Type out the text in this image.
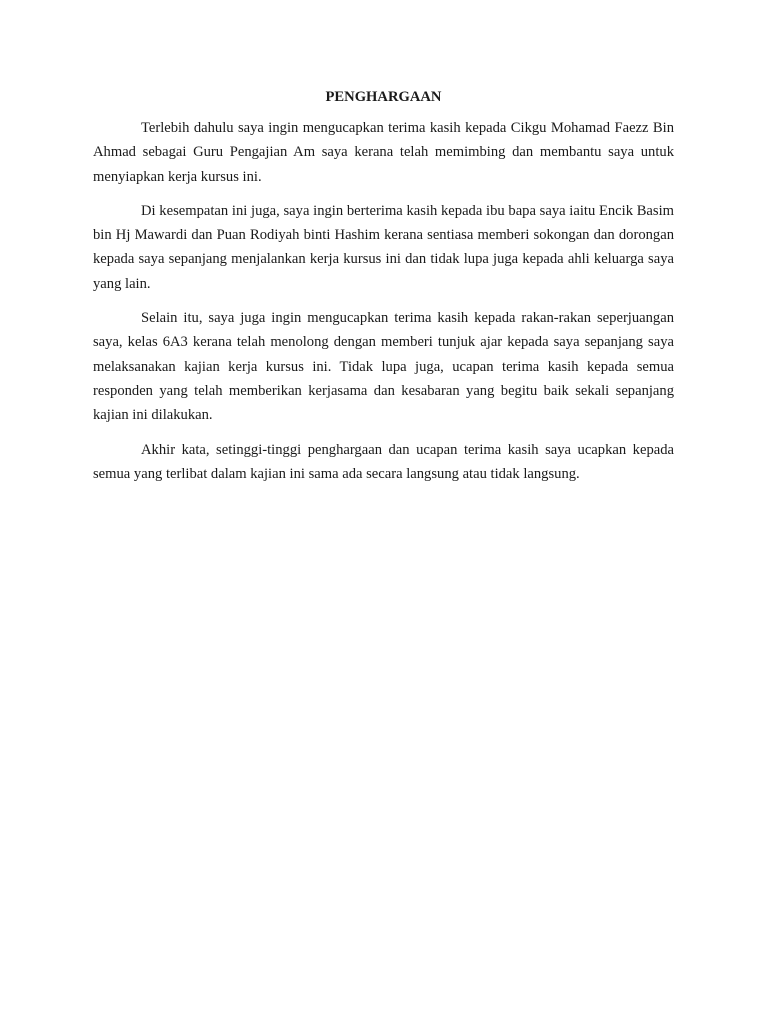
PENGHARGAAN

Terlebih dahulu saya ingin mengucapkan terima kasih kepada Cikgu Mohamad Faezz Bin Ahmad sebagai Guru Pengajian Am saya kerana telah memimbing dan membantu saya untuk menyiapkan kerja kursus ini.

Di kesempatan ini juga, saya ingin berterima kasih kepada ibu bapa saya iaitu Encik Basim bin Hj Mawardi dan Puan Rodiyah binti Hashim kerana sentiasa memberi sokongan dan dorongan kepada saya sepanjang menjalankan kerja kursus ini dan tidak lupa juga kepada ahli keluarga saya yang lain.

Selain itu, saya juga ingin mengucapkan terima kasih kepada rakan-rakan seperjuangan saya, kelas 6A3 kerana telah menolong dengan memberi tunjuk ajar kepada saya sepanjang saya melaksanakan kajian kerja kursus ini. Tidak lupa juga, ucapan terima kasih kepada semua responden yang telah memberikan kerjasama dan kesabaran yang begitu baik sekali sepanjang kajian ini dilakukan.

Akhir kata, setinggi-tinggi penghargaan dan ucapan terima kasih saya ucapkan kepada semua yang terlibat dalam kajian ini sama ada secara langsung atau tidak langsung.
